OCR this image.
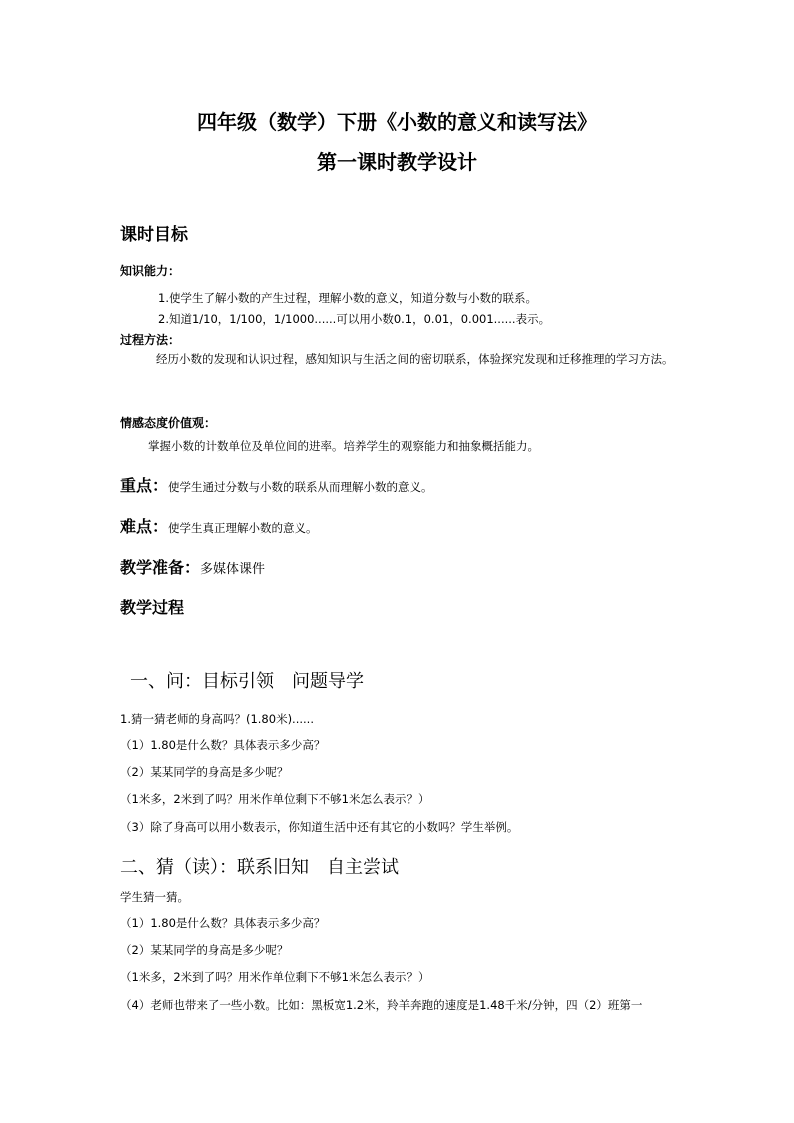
四年级（数学）下册《小数的意义和读写法》
第一课时教学设计
课时目标
知识能力：
1.使学生了解小数的产生过程，理解小数的意义，知道分数与小数的联系。
2.知道1/10，1/100，1/1000......可以用小数0.1，0.01，0.001......表示。
过程方法：
经历小数的发现和认识过程，感知知识与生活之间的密切联系，体验探究发现和迁移推理的学习方法。
情感态度价值观：
掌握小数的计数单位及单位间的进率。培养学生的观察能力和抽象概括能力。
重点：使学生通过分数与小数的联系从而理解小数的意义。
难点：使学生真正理解小数的意义。
教学准备：多媒体课件
教学过程
一、问：目标引领　问题导学
1.猜一猜老师的身高吗？(1.80米)......
（1）1.80是什么数？具体表示多少高？
（2）某某同学的身高是多少呢？
（1米多，2米到了吗？用米作单位剩下不够1米怎么表示？）
（3）除了身高可以用小数表示，你知道生活中还有其它的小数吗？学生举例。
二、猜（读）：联系旧知　自主尝试
学生猜一猜。
（1）1.80是什么数？具体表示多少高？
（2）某某同学的身高是多少呢？
（1米多，2米到了吗？用米作单位剩下不够1米怎么表示？）
（4）老师也带来了一些小数。比如：黑板宽1.2米，羚羊奔跑的速度是1.48千米/分钟，四（2）班第一
